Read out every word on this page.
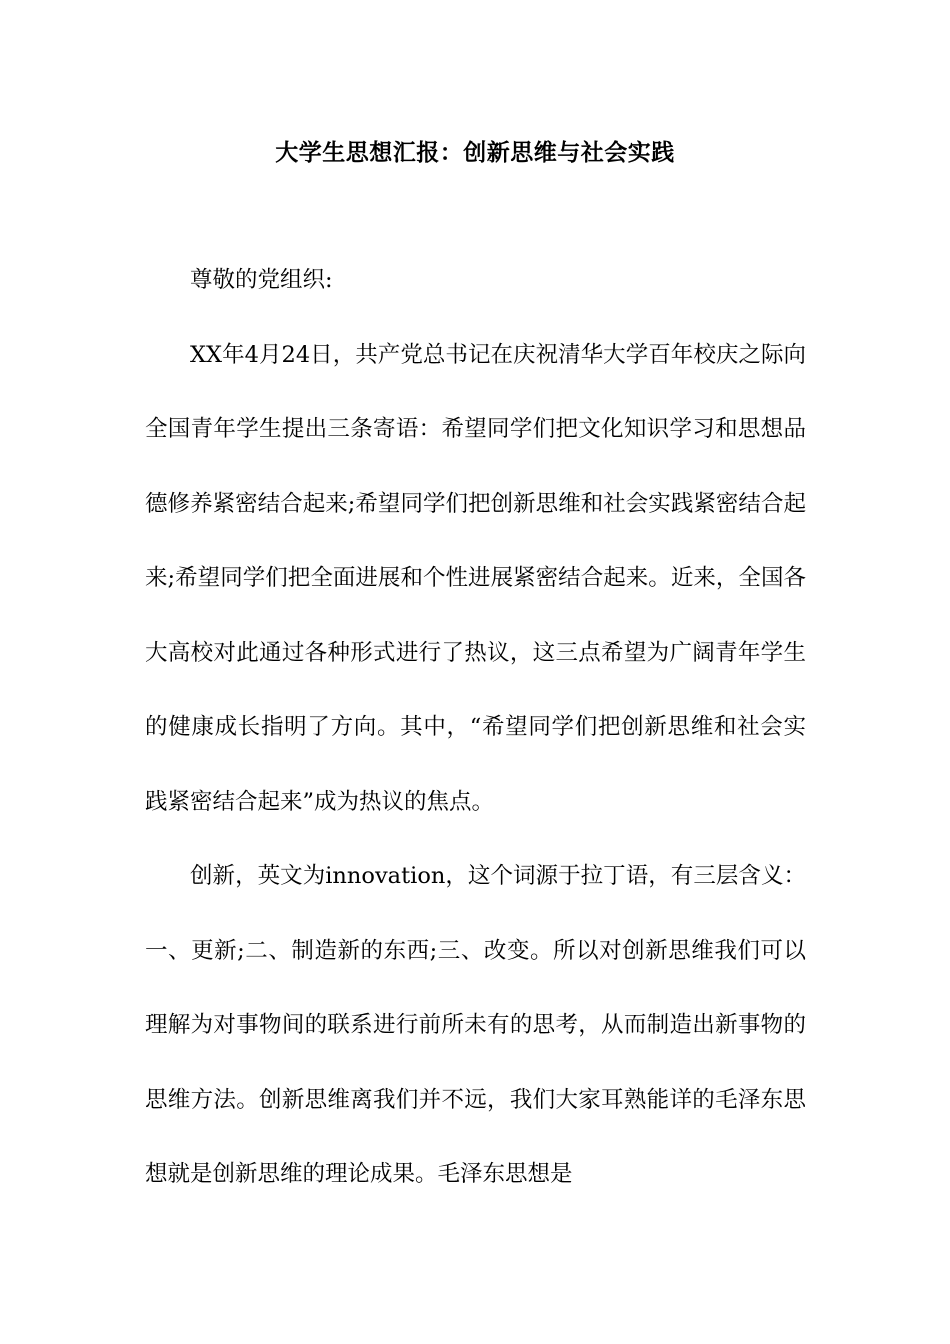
大学生思想汇报：创新思维与社会实践

尊敬的党组织:

XX年4月24日，共产党总书记在庆祝清华大学百年校庆之际向全国青年学生提出三条寄语：希望同学们把文化知识学习和思想品德修养紧密结合起来;希望同学们把创新思维和社会实践紧密结合起来;希望同学们把全面进展和个性进展紧密结合起来。近来，全国各大高校对此通过各种形式进行了热议，这三点希望为广阔青年学生的健康成长指明了方向。其中，“希望同学们把创新思维和社会实践紧密结合起来”成为热议的焦点。

创新，英文为innovation，这个词源于拉丁语，有三层含义：一、更新;二、制造新的东西;三、改变。所以对创新思维我们可以理解为对事物间的联系进行前所未有的思考，从而制造出新事物的思维方法。创新思维离我们并不远，我们大家耳熟能详的毛泽东思想就是创新思维的理论成果。毛泽东思想是
